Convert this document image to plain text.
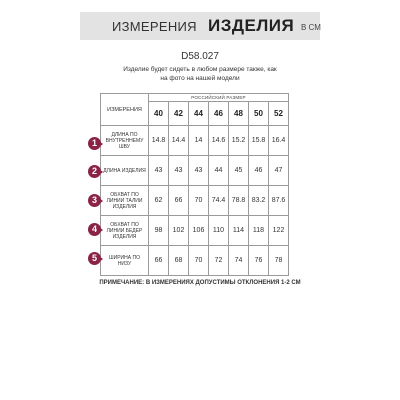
ИЗМЕРЕНИЯ ИЗДЕЛИЯ В СМ
D58.027
Изделие будет сидеть в любом размере также, как на фото на нашей модели
ИЗМЕРЕНИЯ	РОССИЙСКИЙ РАЗМЕР						
	40	42	44	46	48	50	52
ДЛИНА ПО ВНУТРЕННЕМУ ШВУ	14.8	14.4	14	14.6	15.2	15.8	16.4
ДЛИНА ИЗДЕЛИЯ	43	43	43	44	45	46	47
ОБХВАТ ПО ЛИНИИ ТАЛИИ ИЗДЕЛИЯ	62	66	70	74.4	78.8	83.2	87.6
ОБХВАТ ПО ЛИНИИ БЕДЕР ИЗДЕЛИЯ	98	102	106	110	114	118	122
ШИРИНА ПО НИЗУ	66	68	70	72	74	76	78
1
2
3
4
5
ПРИМЕЧАНИЕ: В ИЗМЕРЕНИЯХ ДОПУСТИМЫ ОТКЛОНЕНИЯ 1-2 СМ
